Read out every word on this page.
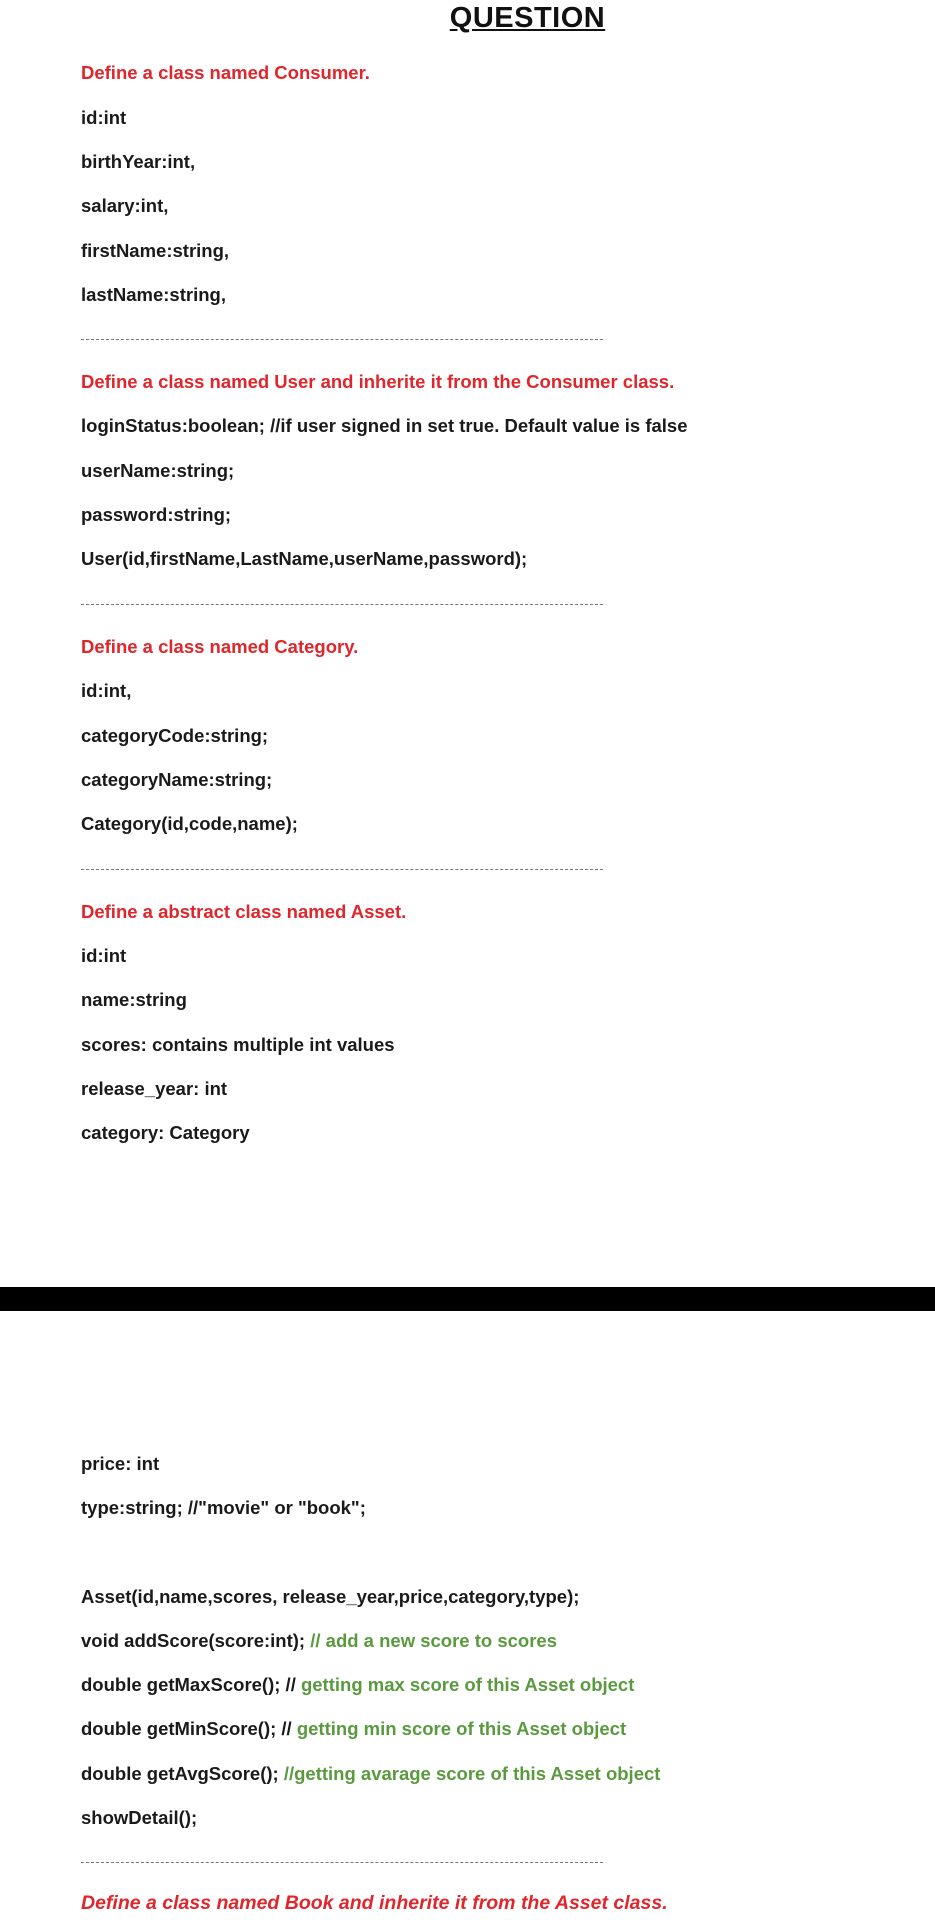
QUESTION
Define a class named Consumer.
id:int
birthYear:int,
salary:int,
firstName:string,
lastName:string,
Define a class named User and inherite it from the Consumer class.
loginStatus:boolean; //if user signed in set true. Default value is false
userName:string;
password:string;
User(id,firstName,LastName,userName,password);
Define a class named Category.
id:int,
categoryCode:string;
categoryName:string;
Category(id,code,name);
Define a abstract class named Asset.
id:int
name:string
scores: contains multiple int values
release_year: int
category: Category
price: int
type:string; //"movie" or "book";
Asset(id,name,scores, release_year,price,category,type);
void addScore(score:int); // add a new score to scores
double getMaxScore(); // getting max score of this Asset object
double getMinScore(); // getting min score of this Asset object
double getAvgScore(); //getting avarage score of this Asset object
showDetail();
Define a class named Book and inherite it from the Asset class.
